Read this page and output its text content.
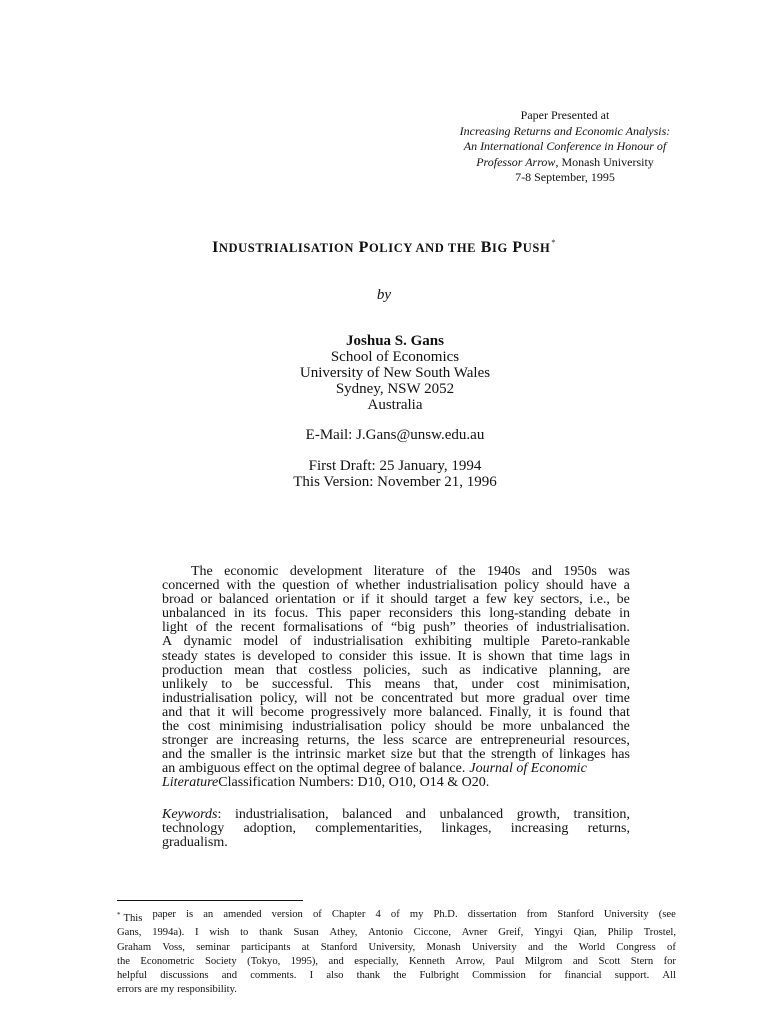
Paper Presented at
Increasing Returns and Economic Analysis:
An International Conference in Honour of
Professor Arrow, Monash University
7-8 September, 1995
INDUSTRIALISATION POLICY AND THE BIG PUSH*
by
Joshua S. Gans
School of Economics
University of New South Wales
Sydney, NSW 2052
Australia
E-Mail: J.Gans@unsw.edu.au
First Draft: 25 January, 1994
This Version: November 21, 1996
The economic development literature of the 1940s and 1950s was
concerned with the question of whether industrialisation policy should have a
broad or balanced orientation or if it should target a few key sectors, i.e., be
unbalanced in its focus. This paper reconsiders this long-standing debate in
light of the recent formalisations of “big push” theories of industrialisation.
A dynamic model of industrialisation exhibiting multiple Pareto-rankable
steady states is developed to consider this issue. It is shown that time lags in
production mean that costless policies, such as indicative planning, are
unlikely to be successful. This means that, under cost minimisation,
industrialisation policy, will not be concentrated but more gradual over time
and that it will become progressively more balanced. Finally, it is found that
the cost minimising industrialisation policy should be more unbalanced the
stronger are increasing returns, the less scarce are entrepreneurial resources,
and the smaller is the intrinsic market size but that the strength of linkages has
an ambiguous effect on the optimal degree of balance. Journal of Economic
Literature Classification Numbers: D10, O10, O14 & O20.
Keywords: industrialisation, balanced and unbalanced growth, transition,
technology adoption, complementarities, linkages, increasing returns,
gradualism.
* This paper is an amended version of Chapter 4 of my Ph.D. dissertation from Stanford University (see
Gans, 1994a). I wish to thank Susan Athey, Antonio Ciccone, Avner Greif, Yingyi Qian, Philip Trostel,
Graham Voss, seminar participants at Stanford University, Monash University and the World Congress of
the Econometric Society (Tokyo, 1995), and especially, Kenneth Arrow, Paul Milgrom and Scott Stern for
helpful discussions and comments. I also thank the Fulbright Commission for financial support. All
errors are my responsibility.
